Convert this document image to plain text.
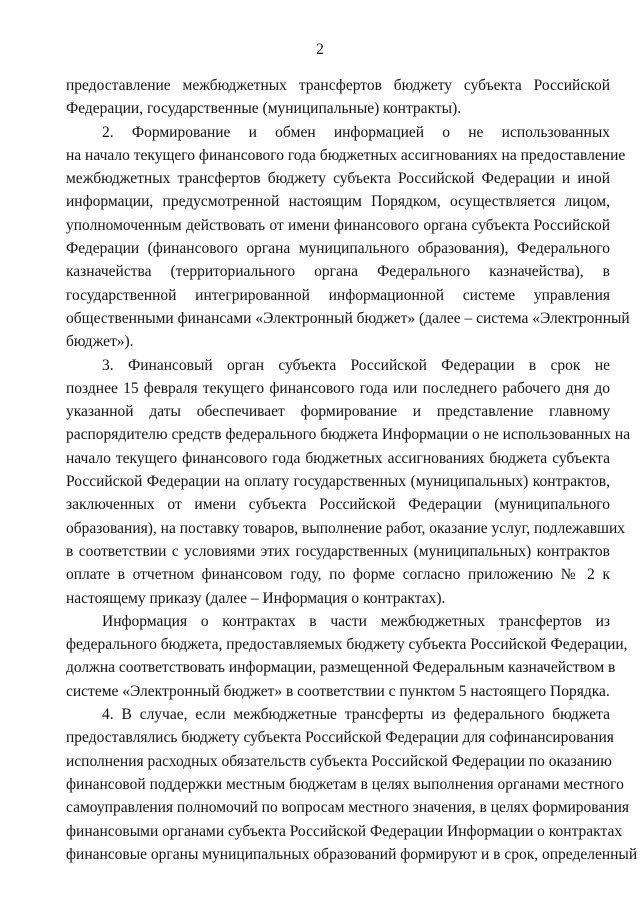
2
предоставление межбюджетных трансфертов бюджету субъекта Российской
Федерации, государственные (муниципальные) контракты).
2. Формирование и обмен информацией о не использованных
на начало текущего финансового года бюджетных ассигнованиях на предоставление
межбюджетных трансфертов бюджету субъекта Российской Федерации и иной
информации, предусмотренной настоящим Порядком, осуществляется лицом,
уполномоченным действовать от имени финансового органа субъекта Российской
Федерации (финансового органа муниципального образования), Федерального
казначейства (территориального органа Федерального казначейства), в
государственной интегрированной информационной системе управления
общественными финансами «Электронный бюджет» (далее – система «Электронный
бюджет»).
3. Финансовый орган субъекта Российской Федерации в срок не
позднее 15 февраля текущего финансового года или последнего рабочего дня до
указанной даты обеспечивает формирование и представление главному
распорядителю средств федерального бюджета Информации о не использованных на
начало текущего финансового года бюджетных ассигнованиях бюджета субъекта
Российской Федерации на оплату государственных (муниципальных) контрактов,
заключенных от имени субъекта Российской Федерации (муниципального
образования), на поставку товаров, выполнение работ, оказание услуг, подлежавших
в соответствии с условиями этих государственных (муниципальных) контрактов
оплате в отчетном финансовом году, по форме согласно приложению № 2 к
настоящему приказу (далее – Информация о контрактах).
Информация о контрактах в части межбюджетных трансфертов из
федерального бюджета, предоставляемых бюджету субъекта Российской Федерации,
должна соответствовать информации, размещенной Федеральным казначейством в
системе «Электронный бюджет» в соответствии с пунктом 5 настоящего Порядка.
4. В случае, если межбюджетные трансферты из федерального бюджета
предоставлялись бюджету субъекта Российской Федерации для софинансирования
исполнения расходных обязательств субъекта Российской Федерации по оказанию
финансовой поддержки местным бюджетам в целях выполнения органами местного
самоуправления полномочий по вопросам местного значения, в целях формирования
финансовыми органами субъекта Российской Федерации Информации о контрактах
финансовые органы муниципальных образований формируют и в срок, определенный
